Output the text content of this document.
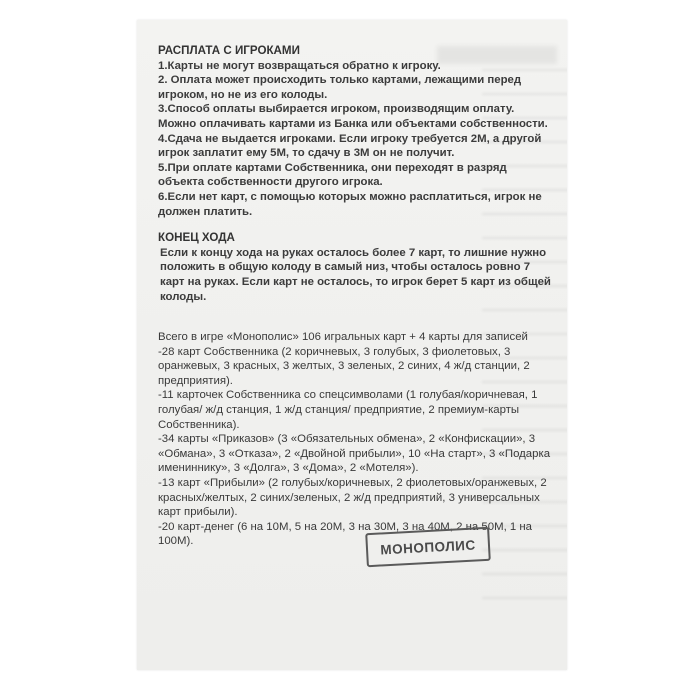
РАСПЛАТА С ИГРОКАМИ

1.Карты не могут возвращаться обратно к игроку.

2. Оплата может происходить только картами, лежащими перед игроком, но не из его колоды.

3.Способ оплаты выбирается игроком, производящим оплату. Можно оплачивать картами из Банка или объектами собственности.

4.Сдача не выдается игроками. Если игроку требуется 2М, а другой игрок заплатит ему 5М, то сдачу в 3М он не получит.

5.При оплате картами Собственника, они переходят в разряд объекта собственности другого игрока.

6.Если нет карт, с помощью которых можно расплатиться, игрок не должен платить.

КОНЕЦ ХОДА

Если к концу хода на руках осталось более 7 карт, то лишние нужно положить в общую колоду в самый низ, чтобы осталось ровно 7 карт на руках. Если карт не осталось, то игрок берет 5 карт из общей колоды.

Всего в игре «Монополис» 106 игральных карт + 4 карты для записей

-28 карт Собственника (2 коричневых, 3 голубых, 3 фиолетовых, 3 оранжевых, 3 красных, 3 желтых, 3 зеленых, 2 синих, 4 ж/д станции, 2 предприятия).

-11 карточек Собственника со спецсимволами (1 голубая/коричневая, 1 голубая/ ж/д станция, 1 ж/д станция/ предприятие, 2 премиум-карты Собственника).

-34 карты «Приказов» (3 «Обязательных обмена», 2 «Конфискации», 3 «Обмана», 3 «Отказа», 2 «Двойной прибыли», 10 «На старт», 3 «Подарка имениннику», 3 «Долга», 3 «Дома», 2 «Мотеля»).

-13 карт «Прибыли» (2 голубых/коричневых, 2 фиолетовых/оранжевых, 2 красных/желтых, 2 синих/зеленых, 2 ж/д предприятий, 3 универсальных карт прибыли).

-20 карт-денег (6 на 10М, 5 на 20М, 3 на 30М, 3 на 40М, 2 на 50М, 1 на 100М).	МОНОПОЛИС
